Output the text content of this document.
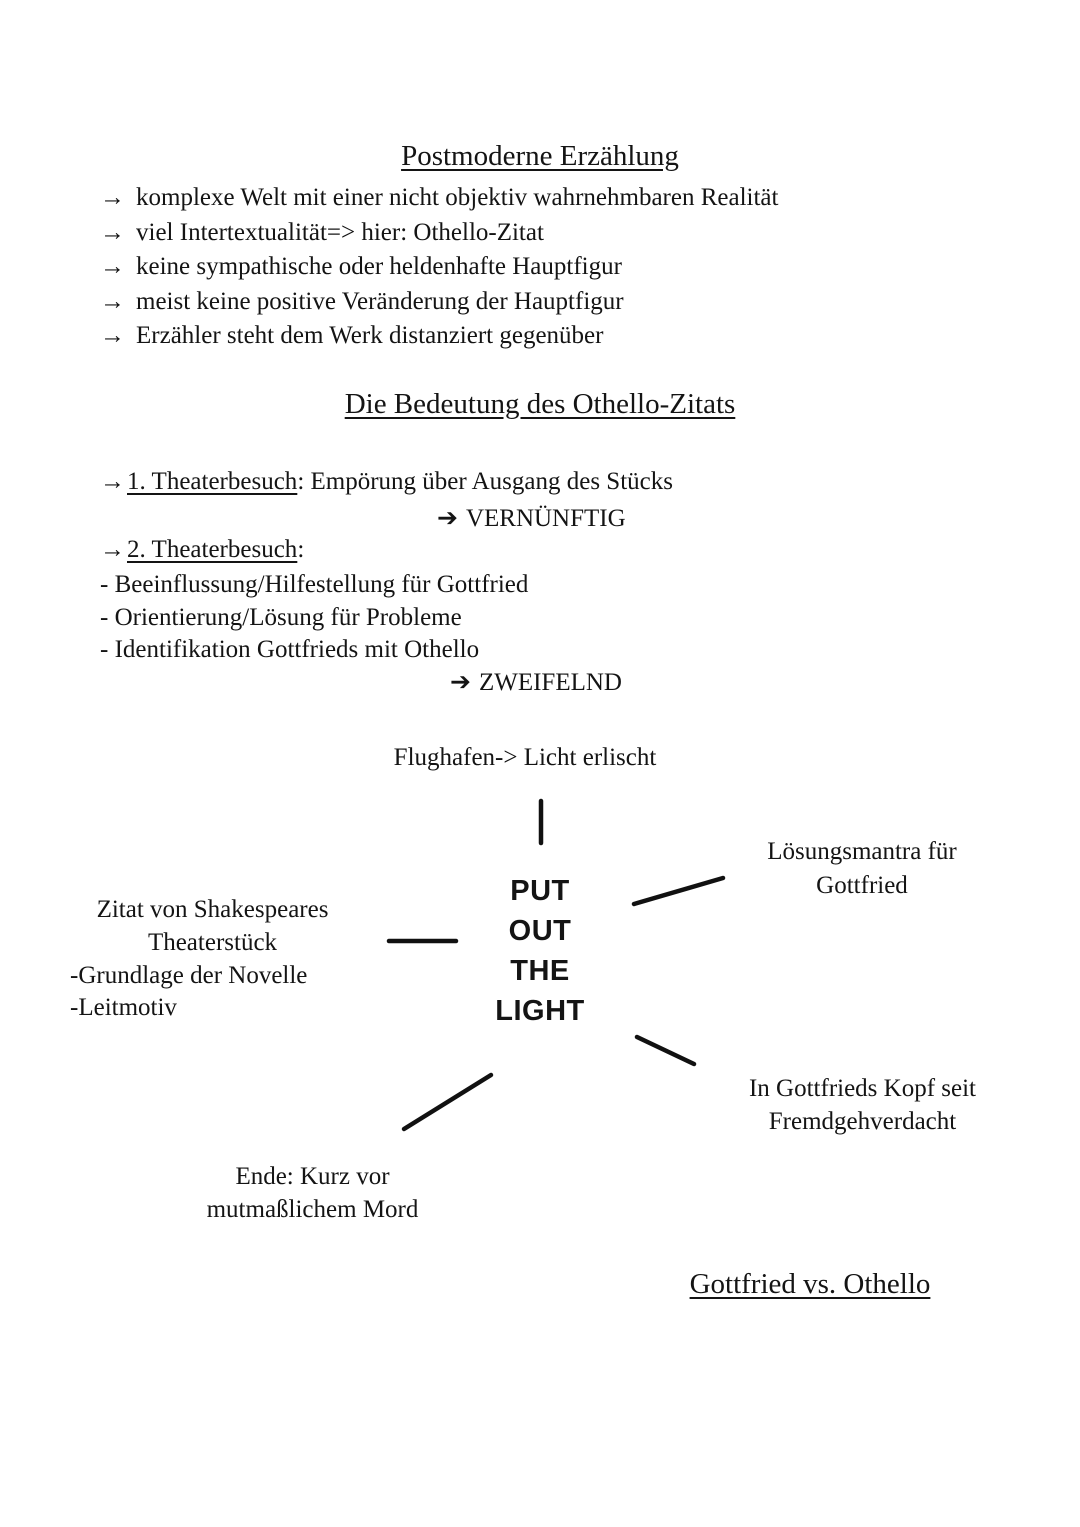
Postmoderne Erzählung
→ komplexe Welt mit einer nicht objektiv wahrnehmbaren Realität
→ viel Intertextualität=> hier: Othello-Zitat
→ keine sympathische oder heldenhafte Hauptfigur
→ meist keine positive Veränderung der Hauptfigur
→ Erzähler steht dem Werk distanziert gegenüber
Die Bedeutung des Othello-Zitats
→1. Theaterbesuch: Empörung über Ausgang des Stücks
➔ VERNÜNFTIG
→2. Theaterbesuch:
- Beeinflussung/Hilfestellung für Gottfried
- Orientierung/Lösung für Probleme
- Identifikation Gottfrieds mit Othello
➔ ZWEIFELND
Flughafen-> Licht erlischt
PUT
OUT
THE
LIGHT
Lösungsmantra für
Gottfried
Zitat von Shakespeares
Theaterstück
-Grundlage der Novelle
-Leitmotiv
In Gottfrieds Kopf seit
Fremdgehverdacht
Ende: Kurz vor
mutmaßlichem Mord
Gottfried vs. Othello
